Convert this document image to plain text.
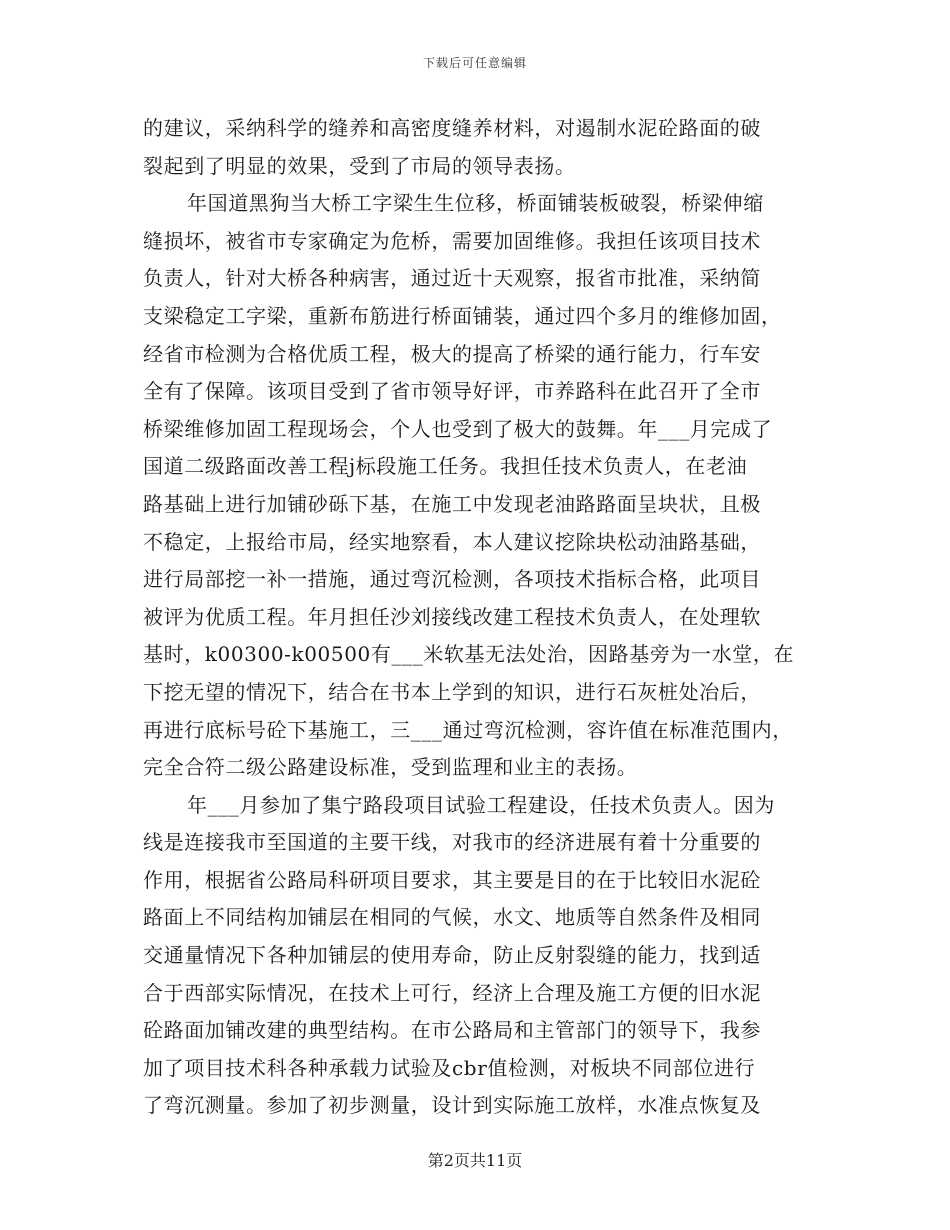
下载后可任意编辑
的建议，采纳科学的缝养和高密度缝养材料，对遏制水泥砼路面的破
裂起到了明显的效果，受到了市局的领导表扬。
年国道黑狗当大桥工字梁生生位移，桥面铺装板破裂，桥梁伸缩
缝损坏，被省市专家确定为危桥，需要加固维修。我担任该项目技术
负责人，针对大桥各种病害，通过近十天观察，报省市批准，采纳简
支梁稳定工字梁，重新布筋进行桥面铺装，通过四个多月的维修加固，
经省市检测为合格优质工程，极大的提高了桥梁的通行能力，行车安
全有了保障。该项目受到了省市领导好评，市养路科在此召开了全市
桥梁维修加固工程现场会，个人也受到了极大的鼓舞。年___月完成了
国道二级路面改善工程j标段施工任务。我担任技术负责人，在老油
路基础上进行加铺砂砾下基，在施工中发现老油路路面呈块状，且极
不稳定，上报给市局，经实地察看，本人建议挖除块松动油路基础，
进行局部挖一补一措施，通过弯沉检测，各项技术指标合格，此项目
被评为优质工程。年月担任沙刘接线改建工程技术负责人，在处理软
基时，k00300-k00500有___米软基无法处治，因路基旁为一水堂，在
下挖无望的情况下，结合在书本上学到的知识，进行石灰桩处冶后，
再进行底标号砼下基施工，三___通过弯沉检测，容许值在标准范围内，
完全合符二级公路建设标准，受到监理和业主的表扬。
年___月参加了集宁路段项目试验工程建设，任技术负责人。因为
线是连接我市至国道的主要干线，对我市的经济进展有着十分重要的
作用，根据省公路局科研项目要求，其主要是目的在于比较旧水泥砼
路面上不同结构加铺层在相同的气候，水文、地质等自然条件及相同
交通量情况下各种加铺层的使用寿命，防止反射裂缝的能力，找到适
合于西部实际情况，在技术上可行，经济上合理及施工方便的旧水泥
砼路面加铺改建的典型结构。在市公路局和主管部门的领导下，我参
加了项目技术科各种承载力试验及cbr值检测，对板块不同部位进行
了弯沉测量。参加了初步测量，设计到实际施工放样，水准点恢复及
第2页共11页
